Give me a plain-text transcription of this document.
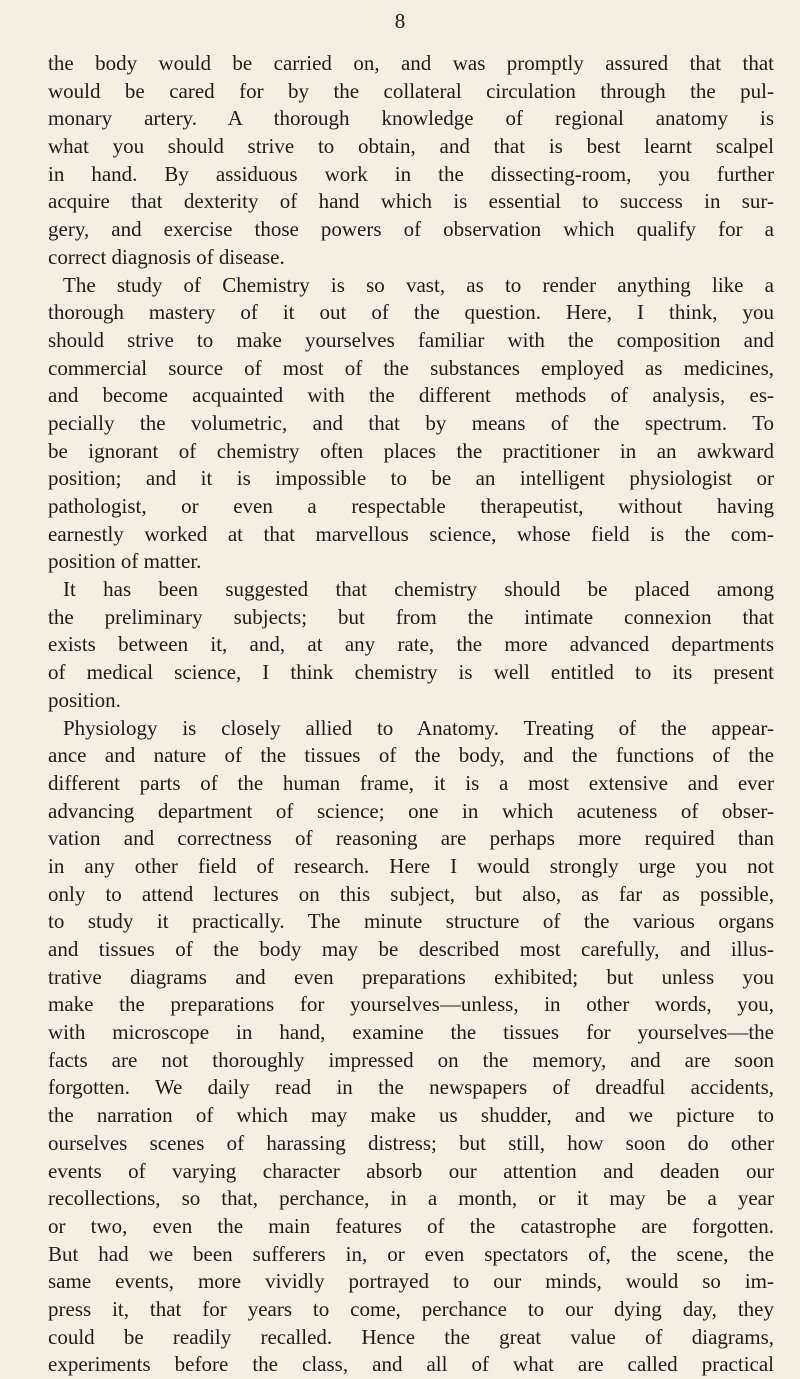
8
the body would be carried on, and was promptly assured that that
would be cared for by the collateral circulation through the pul-
monary artery. A thorough knowledge of regional anatomy is
what you should strive to obtain, and that is best learnt scalpel
in hand. By assiduous work in the dissecting-room, you further
acquire that dexterity of hand which is essential to success in sur-
gery, and exercise those powers of observation which qualify for a
correct diagnosis of disease.
The study of Chemistry is so vast, as to render anything like a
thorough mastery of it out of the question. Here, I think, you
should strive to make yourselves familiar with the composition and
commercial source of most of the substances employed as medicines,
and become acquainted with the different methods of analysis, es-
pecially the volumetric, and that by means of the spectrum. To
be ignorant of chemistry often places the practitioner in an awkward
position; and it is impossible to be an intelligent physiologist or
pathologist, or even a respectable therapeutist, without having
earnestly worked at that marvellous science, whose field is the com-
position of matter.
It has been suggested that chemistry should be placed among
the preliminary subjects; but from the intimate connexion that
exists between it, and, at any rate, the more advanced departments
of medical science, I think chemistry is well entitled to its present
position.
Physiology is closely allied to Anatomy. Treating of the appear-
ance and nature of the tissues of the body, and the functions of the
different parts of the human frame, it is a most extensive and ever
advancing department of science; one in which acuteness of obser-
vation and correctness of reasoning are perhaps more required than
in any other field of research. Here I would strongly urge you not
only to attend lectures on this subject, but also, as far as possible,
to study it practically. The minute structure of the various organs
and tissues of the body may be described most carefully, and illus-
trative diagrams and even preparations exhibited; but unless you
make the preparations for yourselves—unless, in other words, you,
with microscope in hand, examine the tissues for yourselves—the
facts are not thoroughly impressed on the memory, and are soon
forgotten. We daily read in the newspapers of dreadful accidents,
the narration of which may make us shudder, and we picture to
ourselves scenes of harassing distress; but still, how soon do other
events of varying character absorb our attention and deaden our
recollections, so that, perchance, in a month, or it may be a year
or two, even the main features of the catastrophe are forgotten.
But had we been sufferers in, or even spectators of, the scene, the
same events, more vividly portrayed to our minds, would so im-
press it, that for years to come, perchance to our dying day, they
could be readily recalled. Hence the great value of diagrams,
experiments before the class, and all of what are called practical
